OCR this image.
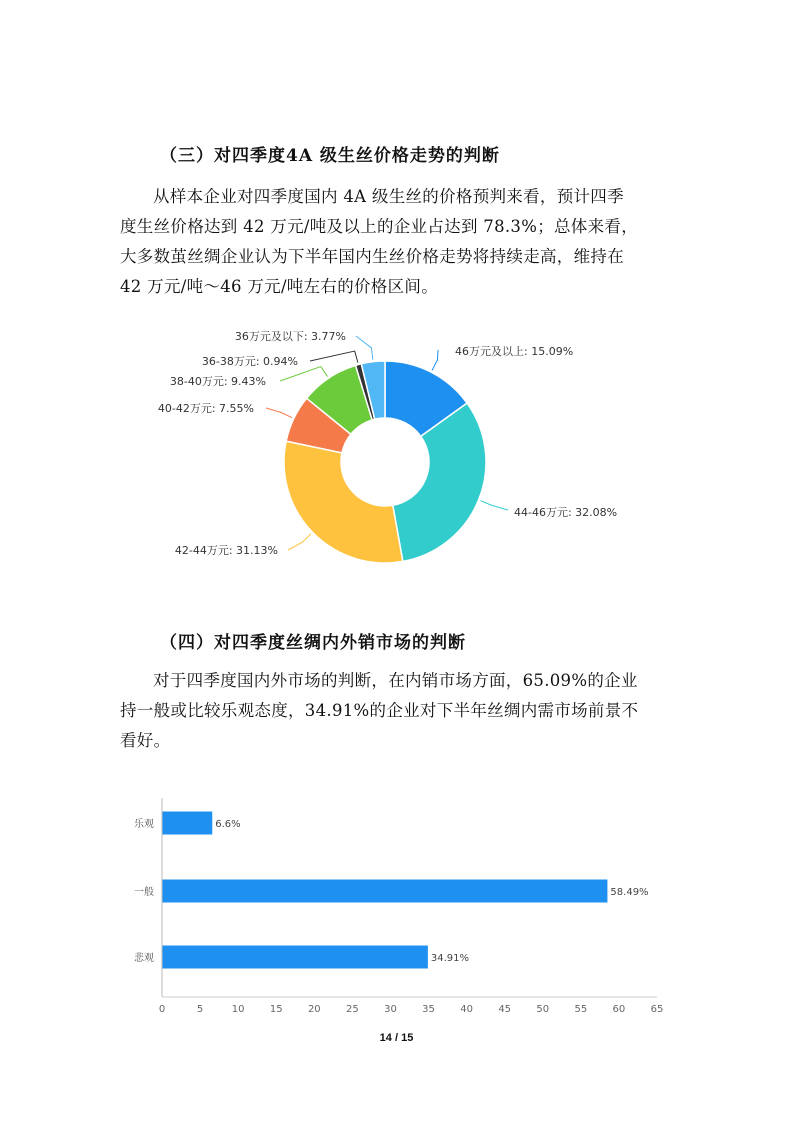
（三）对四季度4A 级生丝价格走势的判断
从样本企业对四季度国内 4A 级生丝的价格预判来看，预计四季
度生丝价格达到 42 万元/吨及以上的企业占达到 78.3%；总体来看，
大多数茧丝绸企业认为下半年国内生丝价格走势将持续走高，维持在
42 万元/吨～46 万元/吨左右的价格区间。
46万元及以上: 15.09%
44-46万元: 32.08%
42-44万元: 31.13%
40-42万元: 7.55%
38-40万元: 9.43%
36-38万元: 0.94%
36万元及以下: 3.77%
（四）对四季度丝绸内外销市场的判断
对于四季度国内外市场的判断，在内销市场方面，65.09%的企业
持一般或比较乐观态度，34.91%的企业对下半年丝绸内需市场前景不
看好。
乐观	6.6%
一般	58.49%
悲观	34.91%
0	5	10	15	20	25	30	35	40	45	50	55	60	65
14 / 15
